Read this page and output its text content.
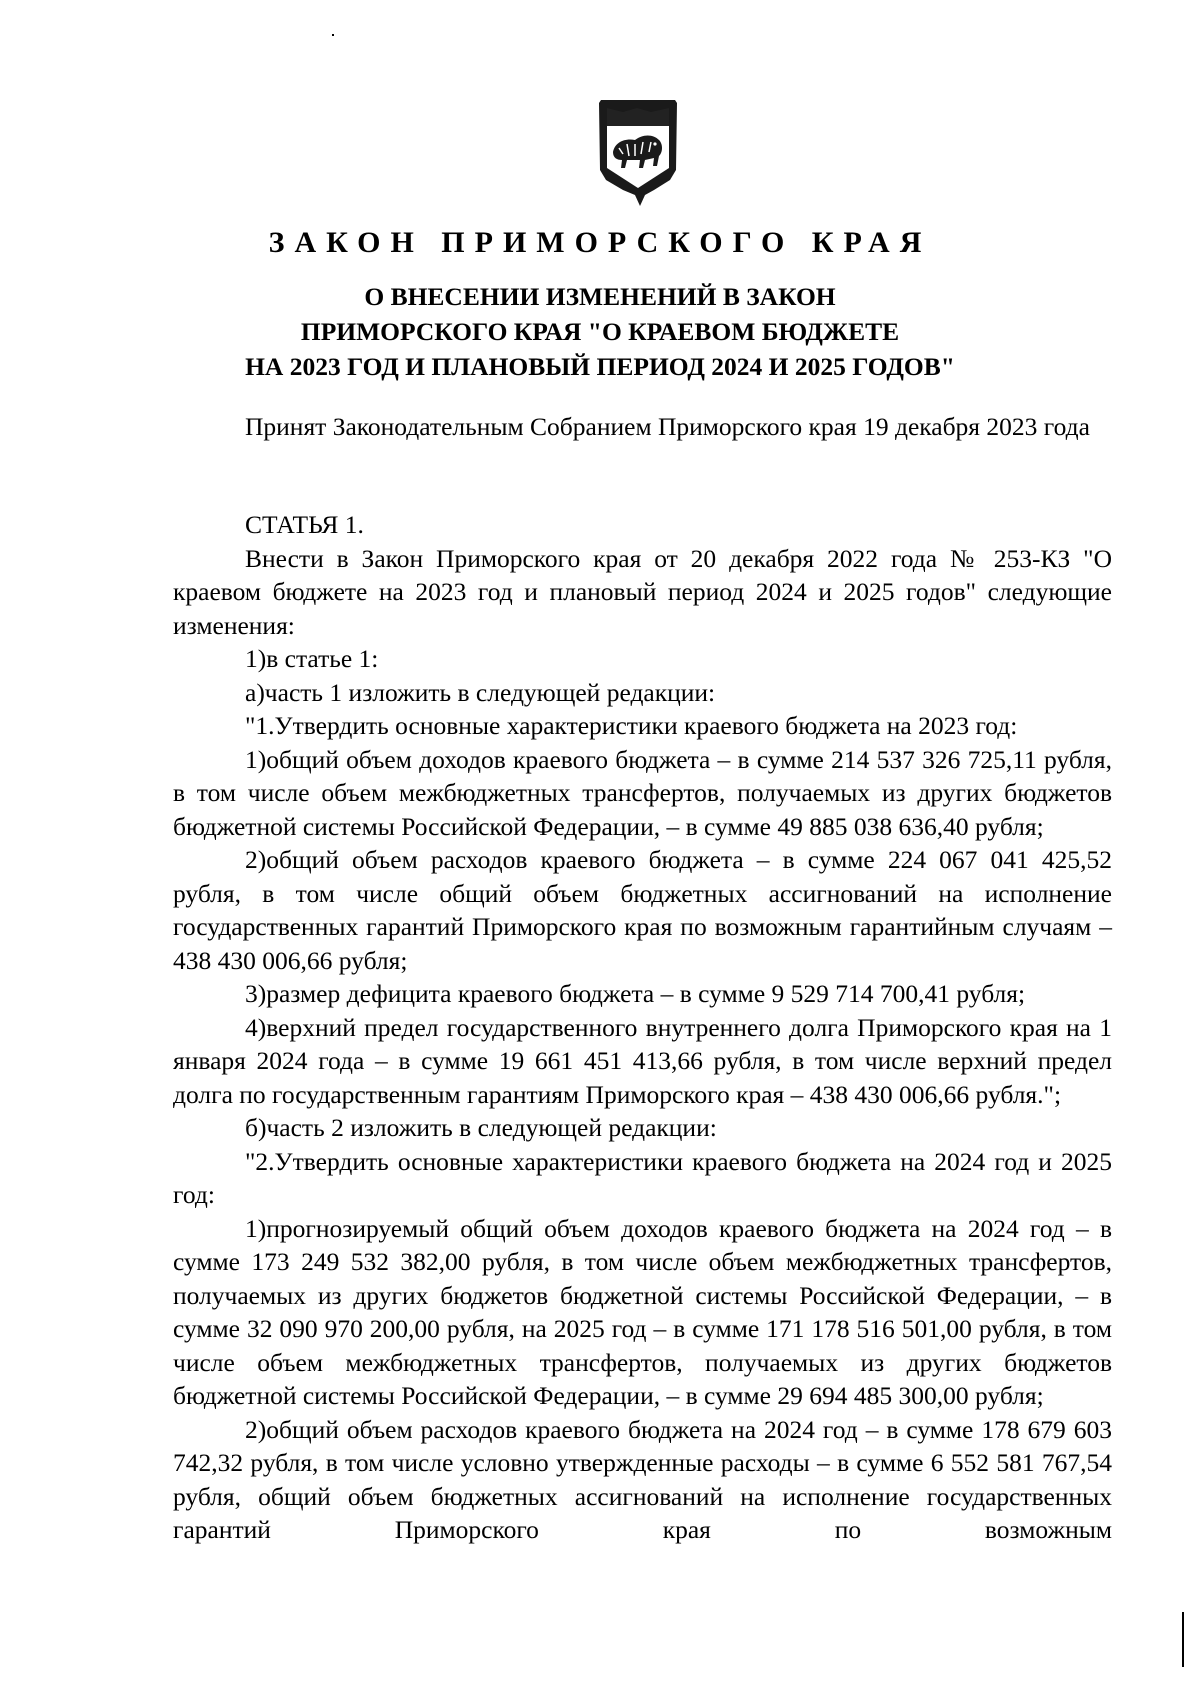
ЗАКОН ПРИМОРСКОГО КРАЯ
О ВНЕСЕНИИ ИЗМЕНЕНИЙ В ЗАКОН
ПРИМОРСКОГО КРАЯ "О КРАЕВОМ БЮДЖЕТЕ
НА 2023 ГОД И ПЛАНОВЫЙ ПЕРИОД 2024 И 2025 ГОДОВ"

Принят Законодательным Собранием Приморского края 19 декабря 2023 года

СТАТЬЯ 1.

Внести в Закон Приморского края от 20 декабря 2022 года № 253-КЗ "О краевом бюджете на 2023 год и плановый период 2024 и 2025 годов" следующие изменения:

1)в статье 1:

а)часть 1 изложить в следующей редакции:

"1.Утвердить основные характеристики краевого бюджета на 2023 год:

1)общий объем доходов краевого бюджета – в сумме 214 537 326 725,11 рубля, в том числе объем межбюджетных трансфертов, получаемых из других бюджетов бюджетной системы Российской Федерации, – в сумме 49 885 038 636,40 рубля;

2)общий объем расходов краевого бюджета – в сумме 224 067 041 425,52 рубля, в том числе общий объем бюджетных ассигнований на исполнение государственных гарантий Приморского края по возможным гарантийным случаям – 438 430 006,66 рубля;

3)размер дефицита краевого бюджета – в сумме 9 529 714 700,41 рубля;

4)верхний предел государственного внутреннего долга Приморского края на 1 января 2024 года – в сумме 19 661 451 413,66 рубля, в том числе верхний предел долга по государственным гарантиям Приморского края – 438 430 006,66 рубля.";

б)часть 2 изложить в следующей редакции:

"2.Утвердить основные характеристики краевого бюджета на 2024 год и 2025 год:

1)прогнозируемый общий объем доходов краевого бюджета на 2024 год – в сумме 173 249 532 382,00 рубля, в том числе объем межбюджетных трансфертов, получаемых из других бюджетов бюджетной системы Российской Федерации, – в сумме 32 090 970 200,00 рубля, на 2025 год – в сумме 171 178 516 501,00 рубля, в том числе объем межбюджетных трансфертов, получаемых из других бюджетов бюджетной системы Российской Федерации, – в сумме 29 694 485 300,00 рубля;

2)общий объем расходов краевого бюджета на 2024 год – в сумме 178 679 603 742,32 рубля, в том числе условно утвержденные расходы – в сумме 6 552 581 767,54 рубля, общий объем бюджетных ассигнований на исполнение государственных гарантий Приморского края по возможным
